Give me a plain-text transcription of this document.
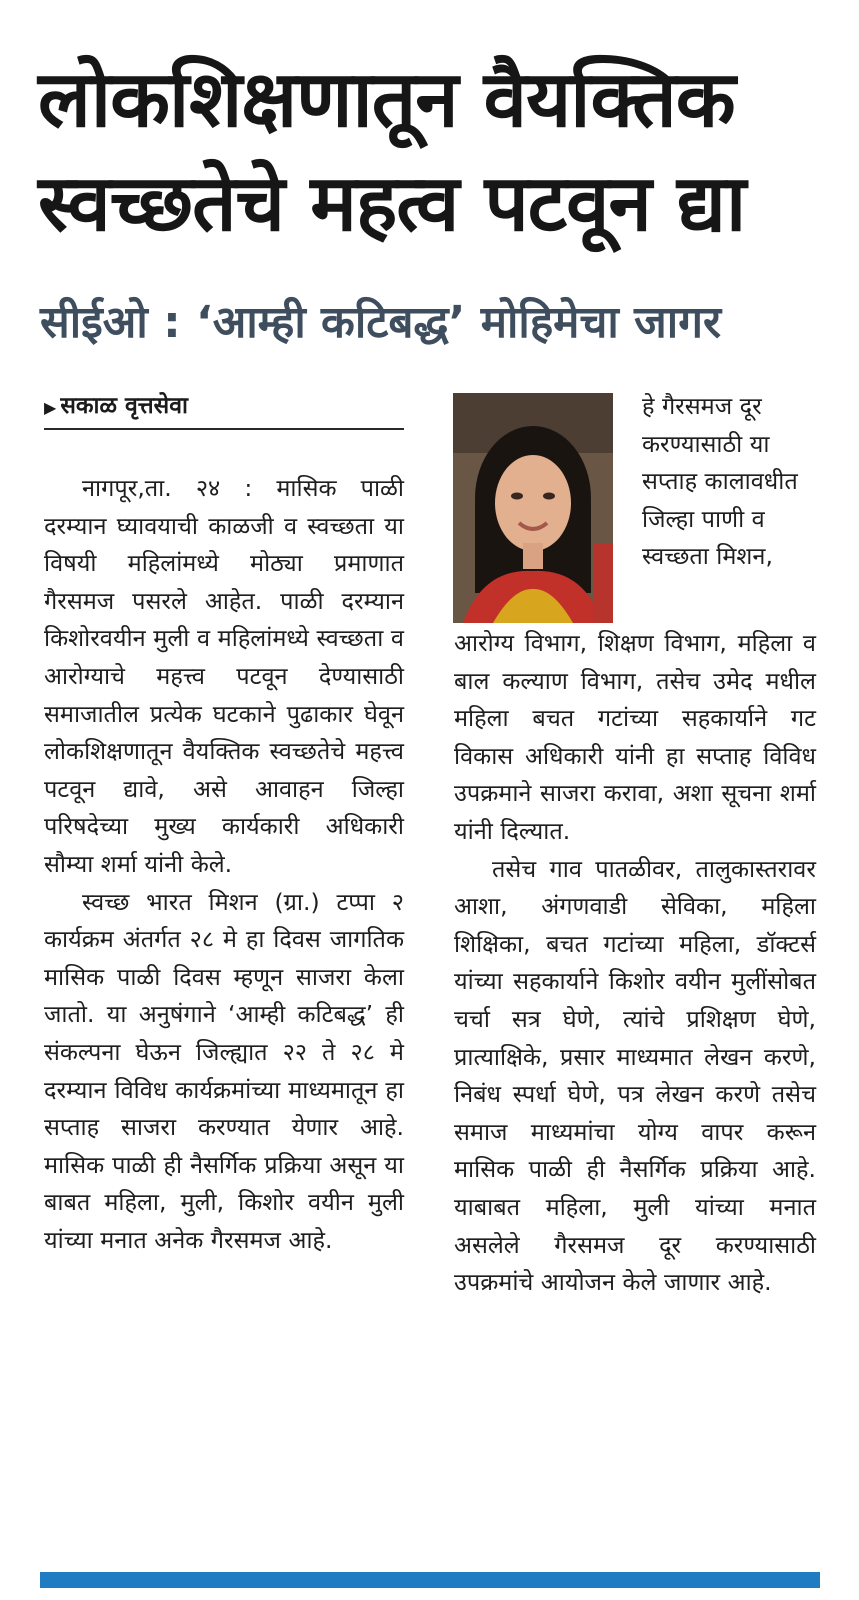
लोकशिक्षणातून वैयक्तिक
स्वच्छतेचे महत्व पटवून द्या
सीईओ : ‘आम्ही कटिबद्ध’ मोहिमेचा जागर
▶ सकाळ वृत्तसेवा

नागपूर,ता. २४ : मासिक पाळी दरम्यान घ्यावयाची काळजी व स्वच्छता या विषयी महिलांमध्ये मोठ्या प्रमाणात गैरसमज पसरले आहेत. पाळी दरम्यान किशोरवयीन मुली व महिलांमध्ये स्वच्छता व आरोग्याचे महत्त्व पटवून देण्यासाठी समाजातील प्रत्येक घटकाने पुढाकार घेवून लोकशिक्षणातून वैयक्तिक स्वच्छतेचे महत्त्व पटवून द्यावे, असे आवाहन जिल्हा परिषदेच्या मुख्य कार्यकारी अधिकारी सौम्या शर्मा यांनी केले.

स्वच्छ भारत मिशन (ग्रा.) टप्पा २ कार्यक्रम अंतर्गत २८ मे हा दिवस जागतिक मासिक पाळी दिवस म्हणून साजरा केला जातो. या अनुषंगाने ‘आम्ही कटिबद्ध’ ही संकल्पना घेऊन जिल्ह्यात २२ ते २८ मे दरम्यान विविध कार्यक्रमांच्या माध्यमातून हा सप्ताह साजरा करण्यात येणार आहे. मासिक पाळी ही नैसर्गिक प्रक्रिया असून या बाबत महिला, मुली, किशोर वयीन मुली यांच्या मनात अनेक गैरसमज आहे.

हे गैरसमज दूर करण्यासाठी या सप्ताह कालावधीत जिल्हा पाणी व स्वच्छता मिशन,

आरोग्य विभाग, शिक्षण विभाग, महिला व बाल कल्याण विभाग, तसेच उमेद मधील महिला बचत गटांच्या सहकार्याने गट विकास अधिकारी यांनी हा सप्ताह विविध उपक्रमाने साजरा करावा, अशा सूचना शर्मा यांनी दिल्यात.

तसेच गाव पातळीवर, तालुकास्तरावर आशा, अंगणवाडी सेविका, महिला शिक्षिका, बचत गटांच्या महिला, डॉक्टर्स यांच्या सहकार्याने किशोर वयीन मुलींसोबत चर्चा सत्र घेणे, त्यांचे प्रशिक्षण घेणे, प्रात्याक्षिके, प्रसार माध्यमात लेखन करणे, निबंध स्पर्धा घेणे, पत्र लेखन करणे तसेच समाज माध्यमांचा योग्य वापर करून मासिक पाळी ही नैसर्गिक प्रक्रिया आहे. याबाबत महिला, मुली यांच्या मनात असलेले गैरसमज दूर करण्यासाठी उपक्रमांचे आयोजन केले जाणार आहे.
